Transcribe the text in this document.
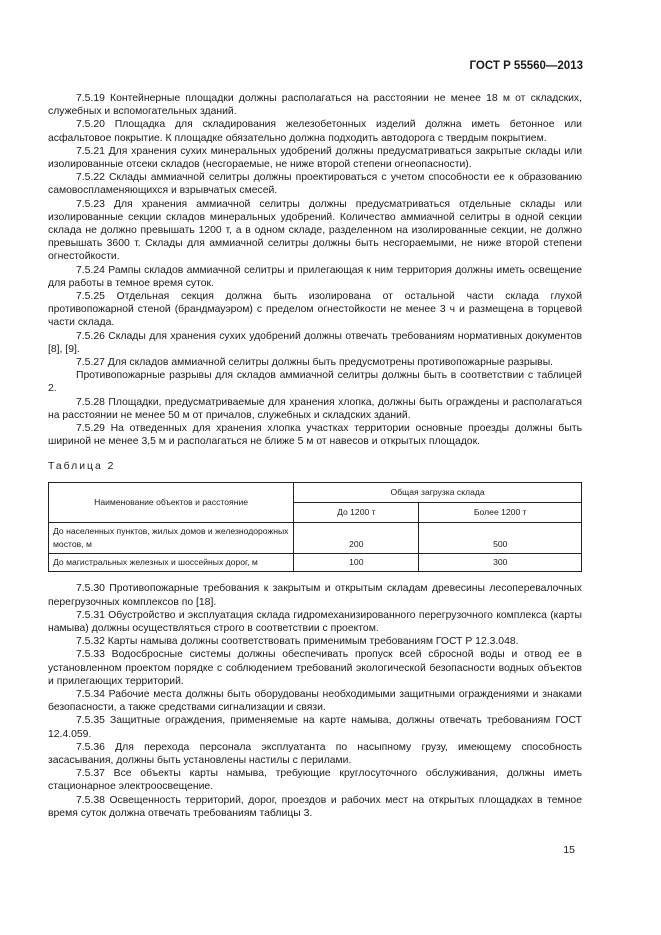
ГОСТ Р 55560—2013

7.5.19 Контейнерные площадки должны располагаться на расстоянии не менее 18 м от складских, служебных и вспомогательных зданий.

7.5.20 Площадка для складирования железобетонных изделий должна иметь бетонное или асфальтовое покрытие. К площадке обязательно должна подходить автодорога с твердым покрытием.

7.5.21 Для хранения сухих минеральных удобрений должны предусматриваться закрытые склады или изолированные отсеки складов (несгораемые, не ниже второй степени огнеопасности).

7.5.22 Склады аммиачной селитры должны проектироваться с учетом способности ее к образованию самовоспламеняющихся и взрывчатых смесей.

7.5.23 Для хранения аммиачной селитры должны предусматриваться отдельные склады или изолированные секции складов минеральных удобрений. Количество аммиачной селитры в одной секции склада не должно превышать 1200 т, а в одном складе, разделенном на изолированные секции, не должно превышать 3600 т. Склады для аммиачной селитры должны быть несгораемыми, не ниже второй степени огнестойкости.

7.5.24 Рампы складов аммиачной селитры и прилегающая к ним территория должны иметь освещение для работы в темное время суток.

7.5.25 Отдельная секция должна быть изолирована от остальной части склада глухой противопожарной стеной (брандмауэром) с пределом огнестойкости не менее 3 ч и размещена в торцевой части склада.

7.5.26 Склады для хранения сухих удобрений должны отвечать требованиям нормативных документов [8], [9].

7.5.27 Для складов аммиачной селитры должны быть предусмотрены противопожарные разрывы.

Противопожарные разрывы для складов аммиачной селитры должны быть в соответствии с таблицей 2.

7.5.28 Площадки, предусматриваемые для хранения хлопка, должны быть ограждены и располагаться на расстоянии не менее 50 м от причалов, служебных и складских зданий.

7.5.29 На отведенных для хранения хлопка участках территории основные проезды должны быть шириной не менее 3,5 м и располагаться не ближе 5 м от навесов и открытых площадок.

Таблица 2
Наименование объектов и расстояние	Общая загрузка склада	
	До 1200 т	Более 1200 т
До населенных пунктов, жилых домов и железнодорожных мостов, м	200	500
До магистральных железных и шоссейных дорог, м	100	300

7.5.30 Противопожарные требования к закрытым и открытым складам древесины лесоперевалочных перегрузочных комплексов по [18].

7.5.31 Обустройство и эксплуатация склада гидромеханизированного перегрузочного комплекса (карты намыва) должны осуществляться строго в соответствии с проектом.

7.5.32 Карты намыва должны соответствовать применимым требованиям ГОСТ Р 12.3.048.

7.5.33 Водосбросные системы должны обеспечивать пропуск всей сбросной воды и отвод ее в установленном проектом порядке с соблюдением требований экологической безопасности водных объектов и прилегающих территорий.

7.5.34 Рабочие места должны быть оборудованы необходимыми защитными ограждениями и знаками безопасности, а также средствами сигнализации и связи.

7.5.35 Защитные ограждения, применяемые на карте намыва, должны отвечать требованиям ГОСТ 12.4.059.

7.5.36 Для перехода персонала эксплуатанта по насыпному грузу, имеющему способность засасывания, должны быть установлены настилы с перилами.

7.5.37 Все объекты карты намыва, требующие круглосуточного обслуживания, должны иметь стационарное электроосвещение.

7.5.38 Освещенность территорий, дорог, проездов и рабочих мест на открытых площадках в темное время суток должна отвечать требованиям таблицы 3.

15
